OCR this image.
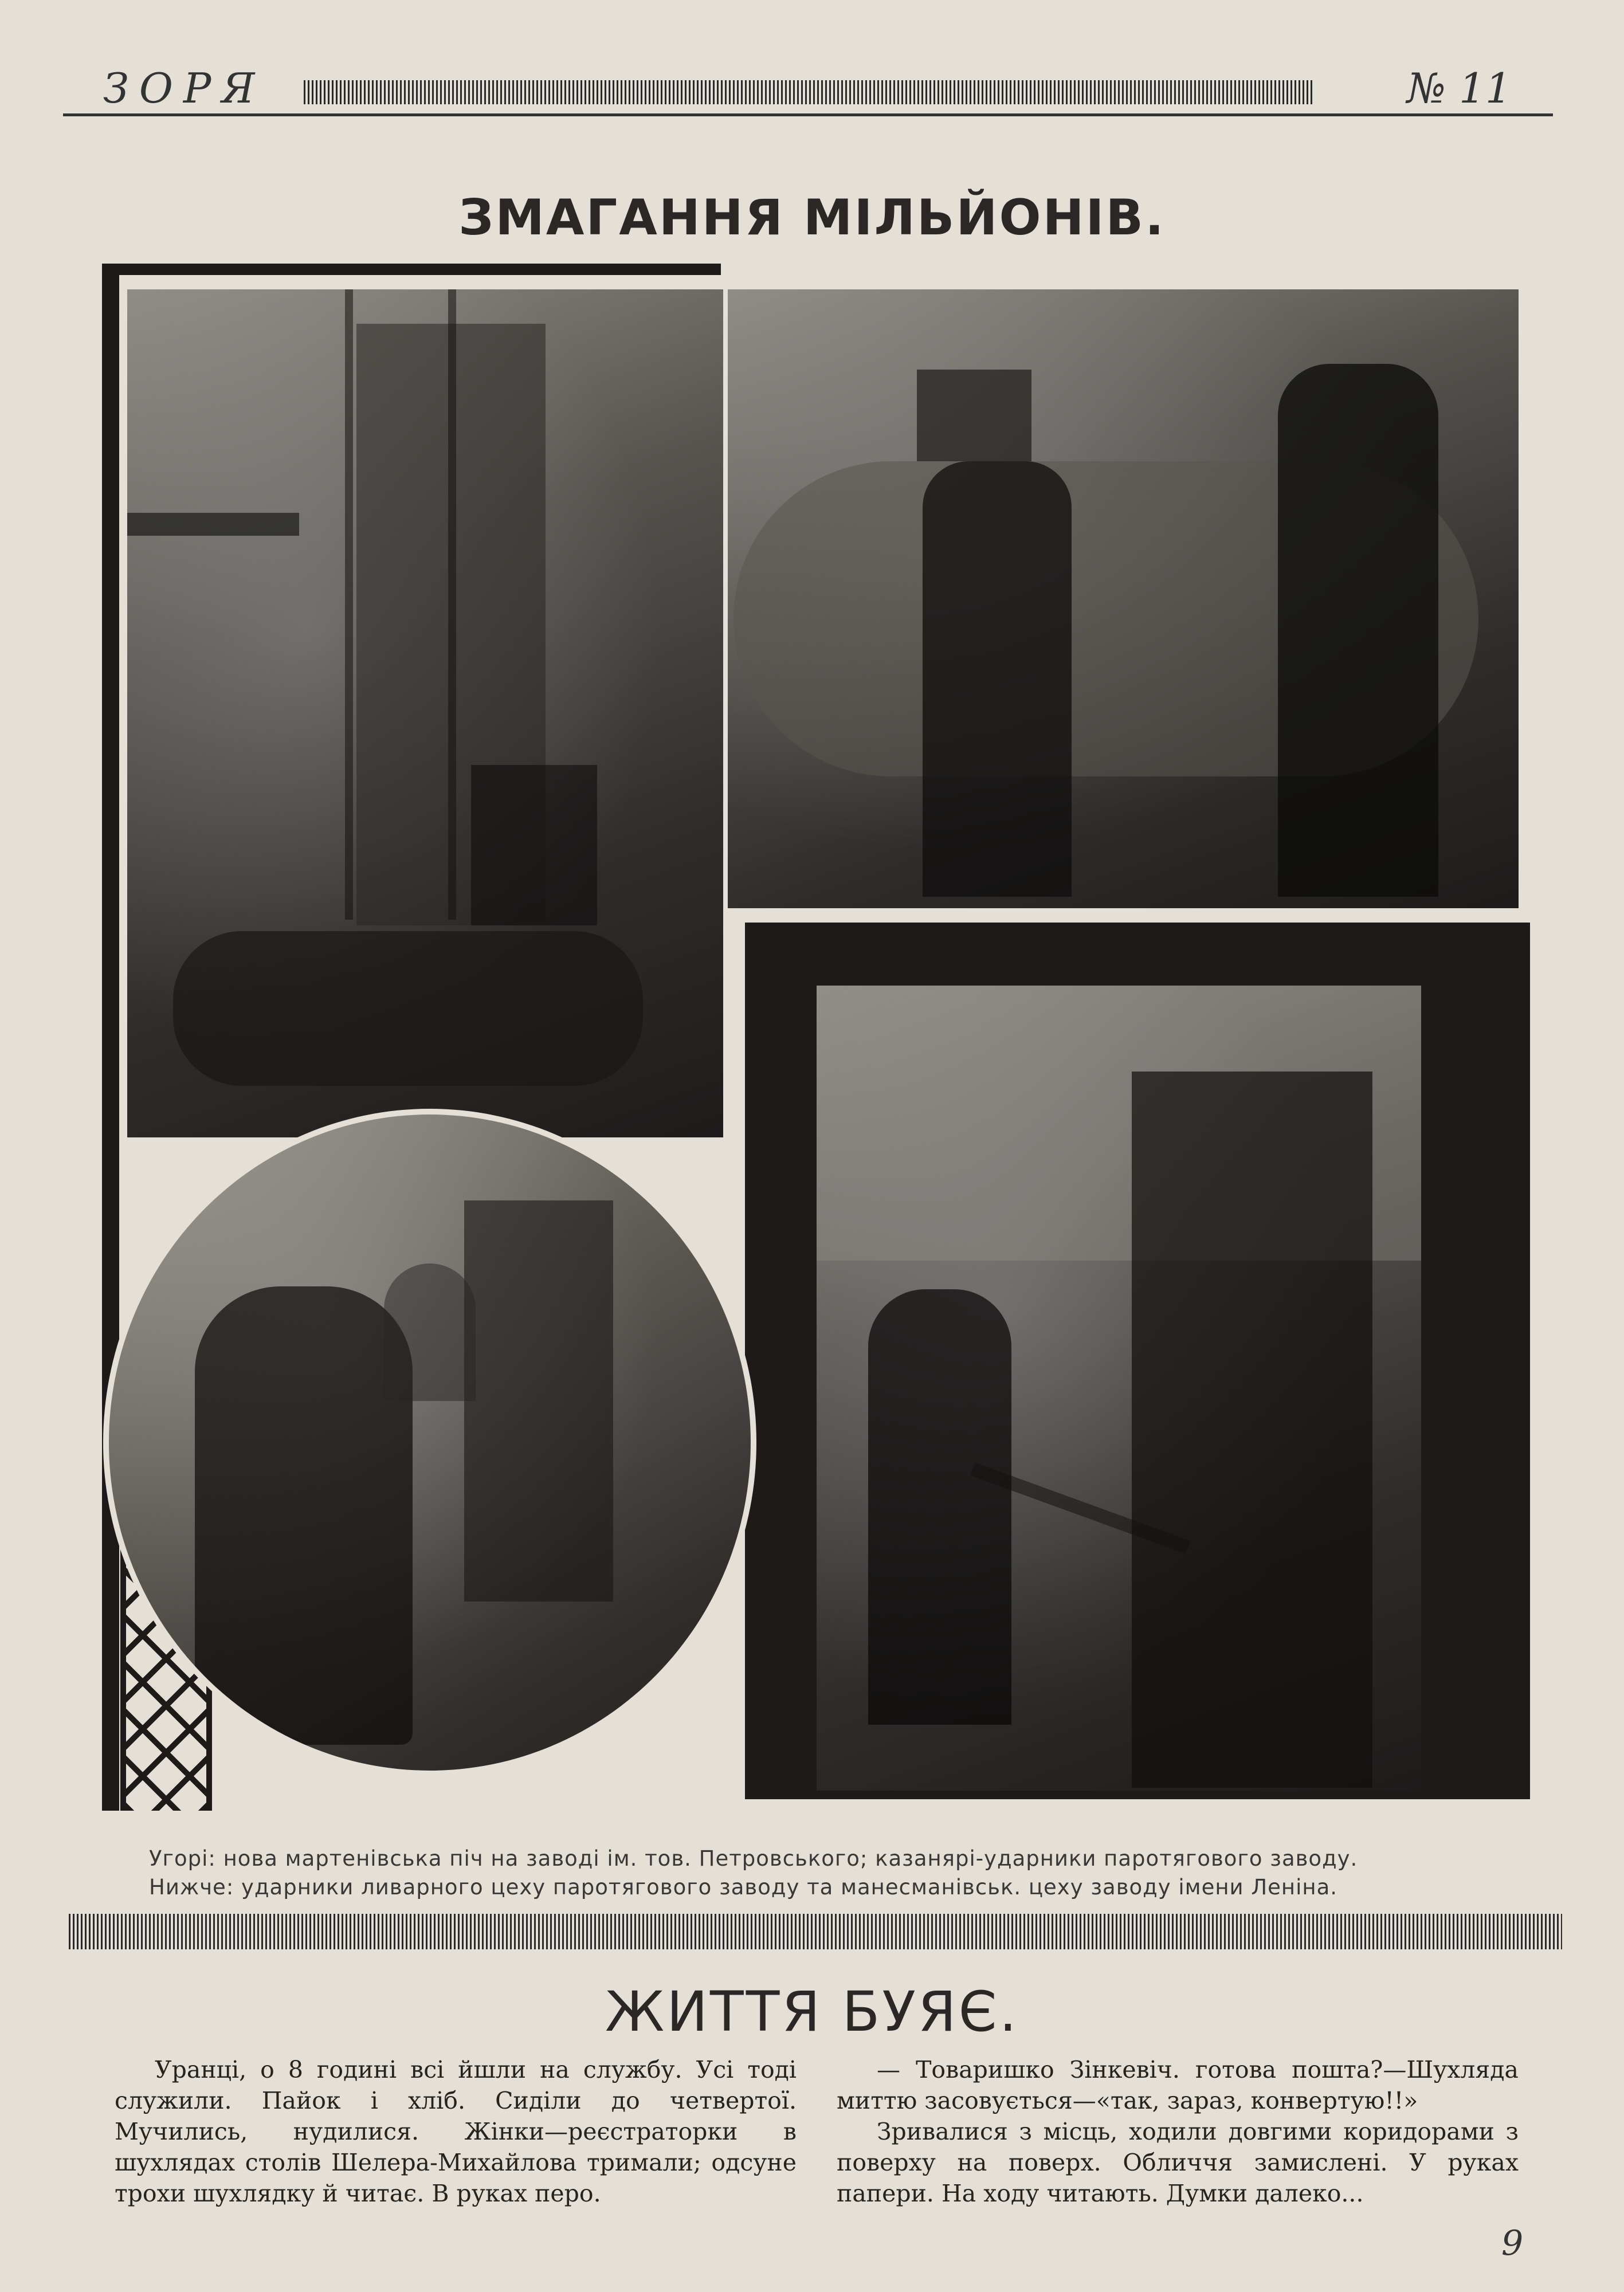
ЗОРЯ	№ 11
ЗМАГАННЯ МІЛЬЙОНІВ.
Угорі: нова мартенівська піч на заводі ім. тов. Петровського; казанярі-ударники паротягового заводу.
Нижче: ударники ливарного цеху паротягового заводу та манесманівськ. цеху заводу імени Леніна.
ЖИТТЯ БУЯЄ.

Уранці, о 8 годині всі йшли на службу. Усі тоді служили. Пайок і хліб. Сиділи до четвертої. Мучились, нудилися. Жінки—реєстраторки в шухлядах столів Шелера-Михайлова тримали; одсуне трохи шухлядку й читає. В руках перо.

— Товаришко Зінкевіч. готова пошта?—Шухляда миттю засовується—«так, зараз, конвертую!!»

Зривалися з місць, ходили довгими коридорами з поверху на поверх. Обличчя замислені. У руках папери. На ходу читають. Думки далеко...

9
